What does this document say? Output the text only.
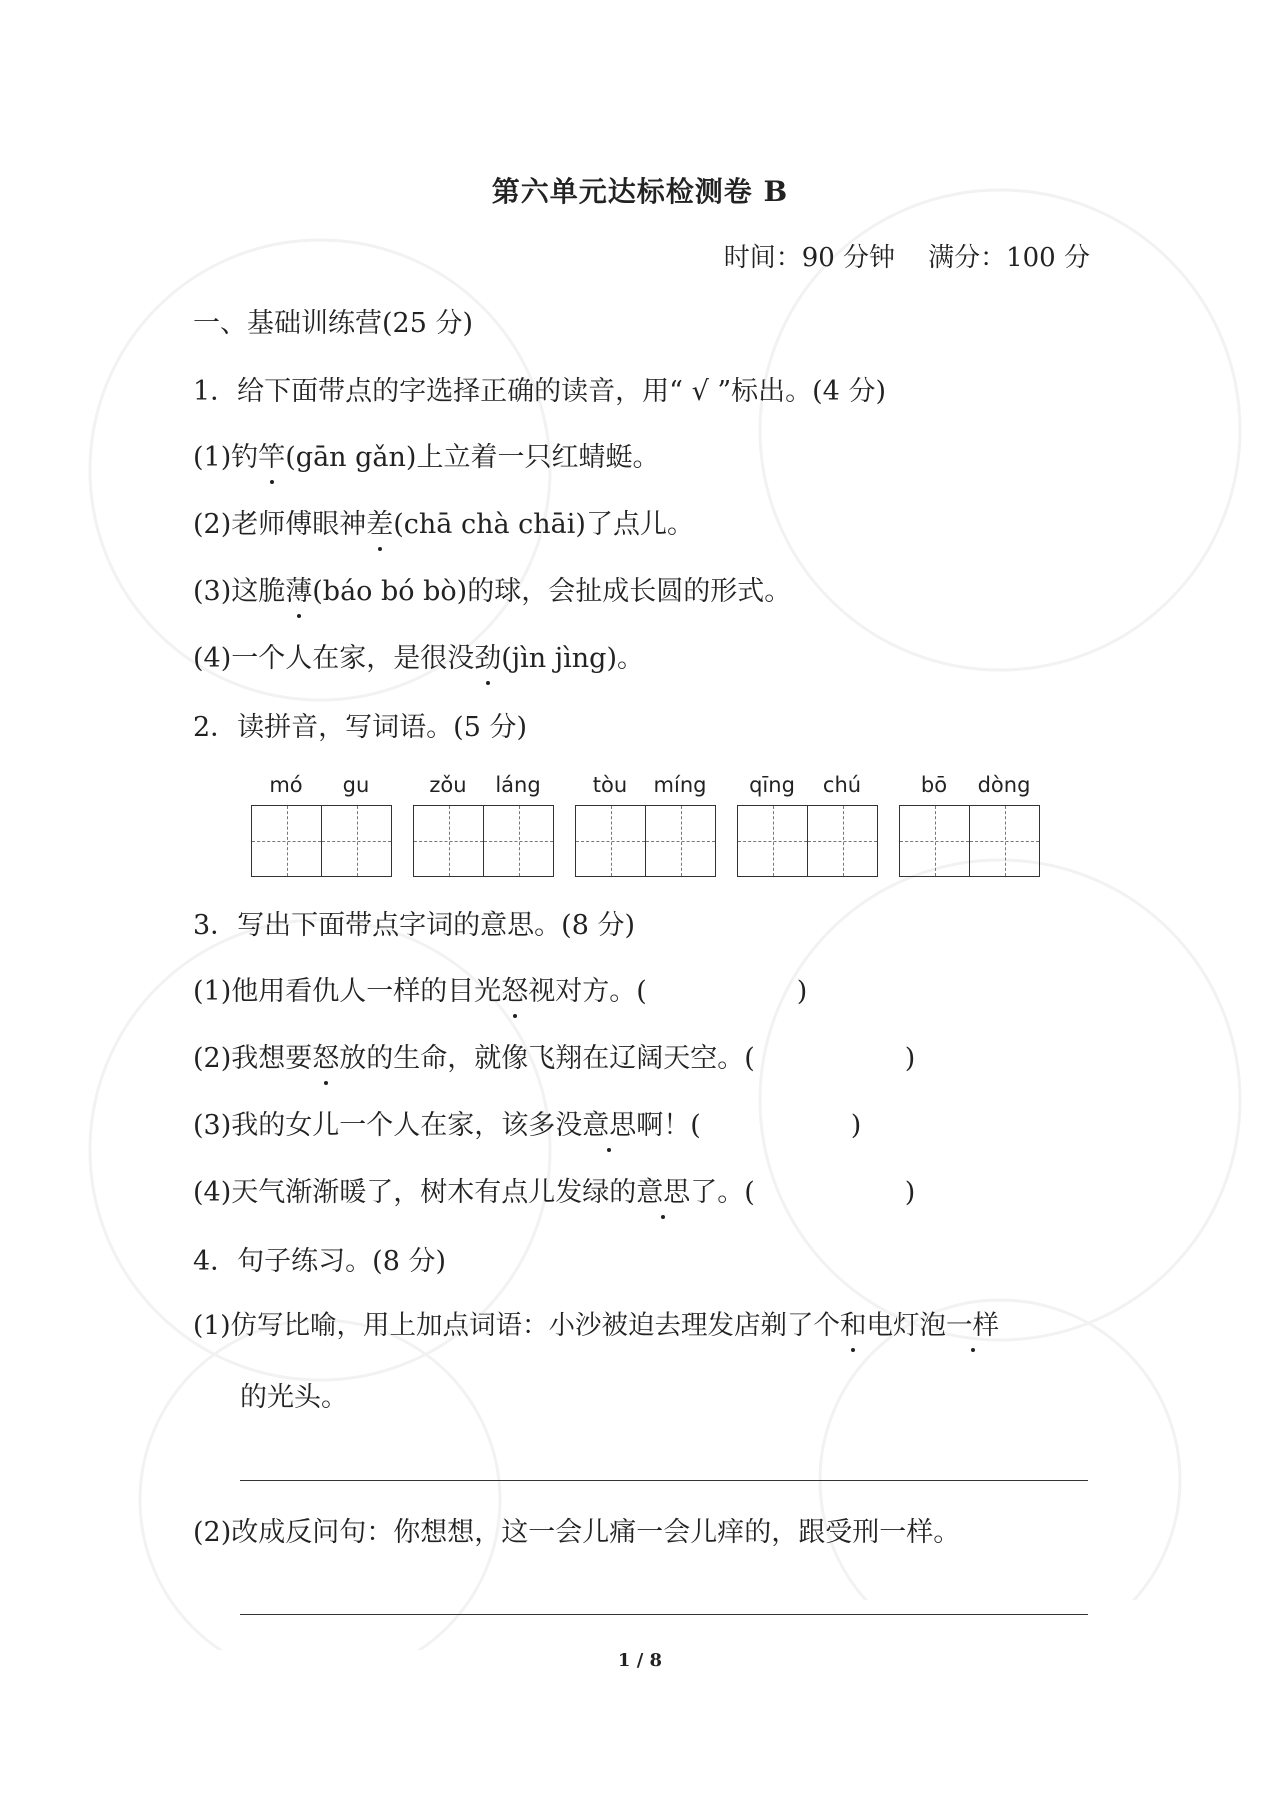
第六单元达标检测卷 B
时间：90 分钟    满分：100 分
一、基础训练营(25 分)
1．给下面带点的字选择正确的读音，用“ √ ”标出。(4 分)
(1)钓竿(gān gǎn)上立着一只红蜻蜓。
(2)老师傅眼神差(chā chà chāi)了点儿。
(3)这脆薄(báo bó bò)的球，会扯成长圆的形式。
(4)一个人在家，是很没劲(jìn jìng)。
2．读拼音，写词语。(5 分)
mó	gu	zǒu	láng	tòu	míng	qīng	chú	bō	dòng
3．写出下面带点字词的意思。(8 分)
(1)他用看仇人一样的目光怒视对方。(	)
(2)我想要怒放的生命，就像飞翔在辽阔天空。(	)
(3)我的女儿一个人在家，该多没意思啊！(	)
(4)天气渐渐暖了，树木有点儿发绿的意思了。(	)
4．句子练习。(8 分)
(1)仿写比喻，用上加点词语：小沙被迫去理发店剃了个和电灯泡一样
的光头。
(2)改成反问句：你想想，这一会儿痛一会儿痒的，跟受刑一样。
1 / 8
